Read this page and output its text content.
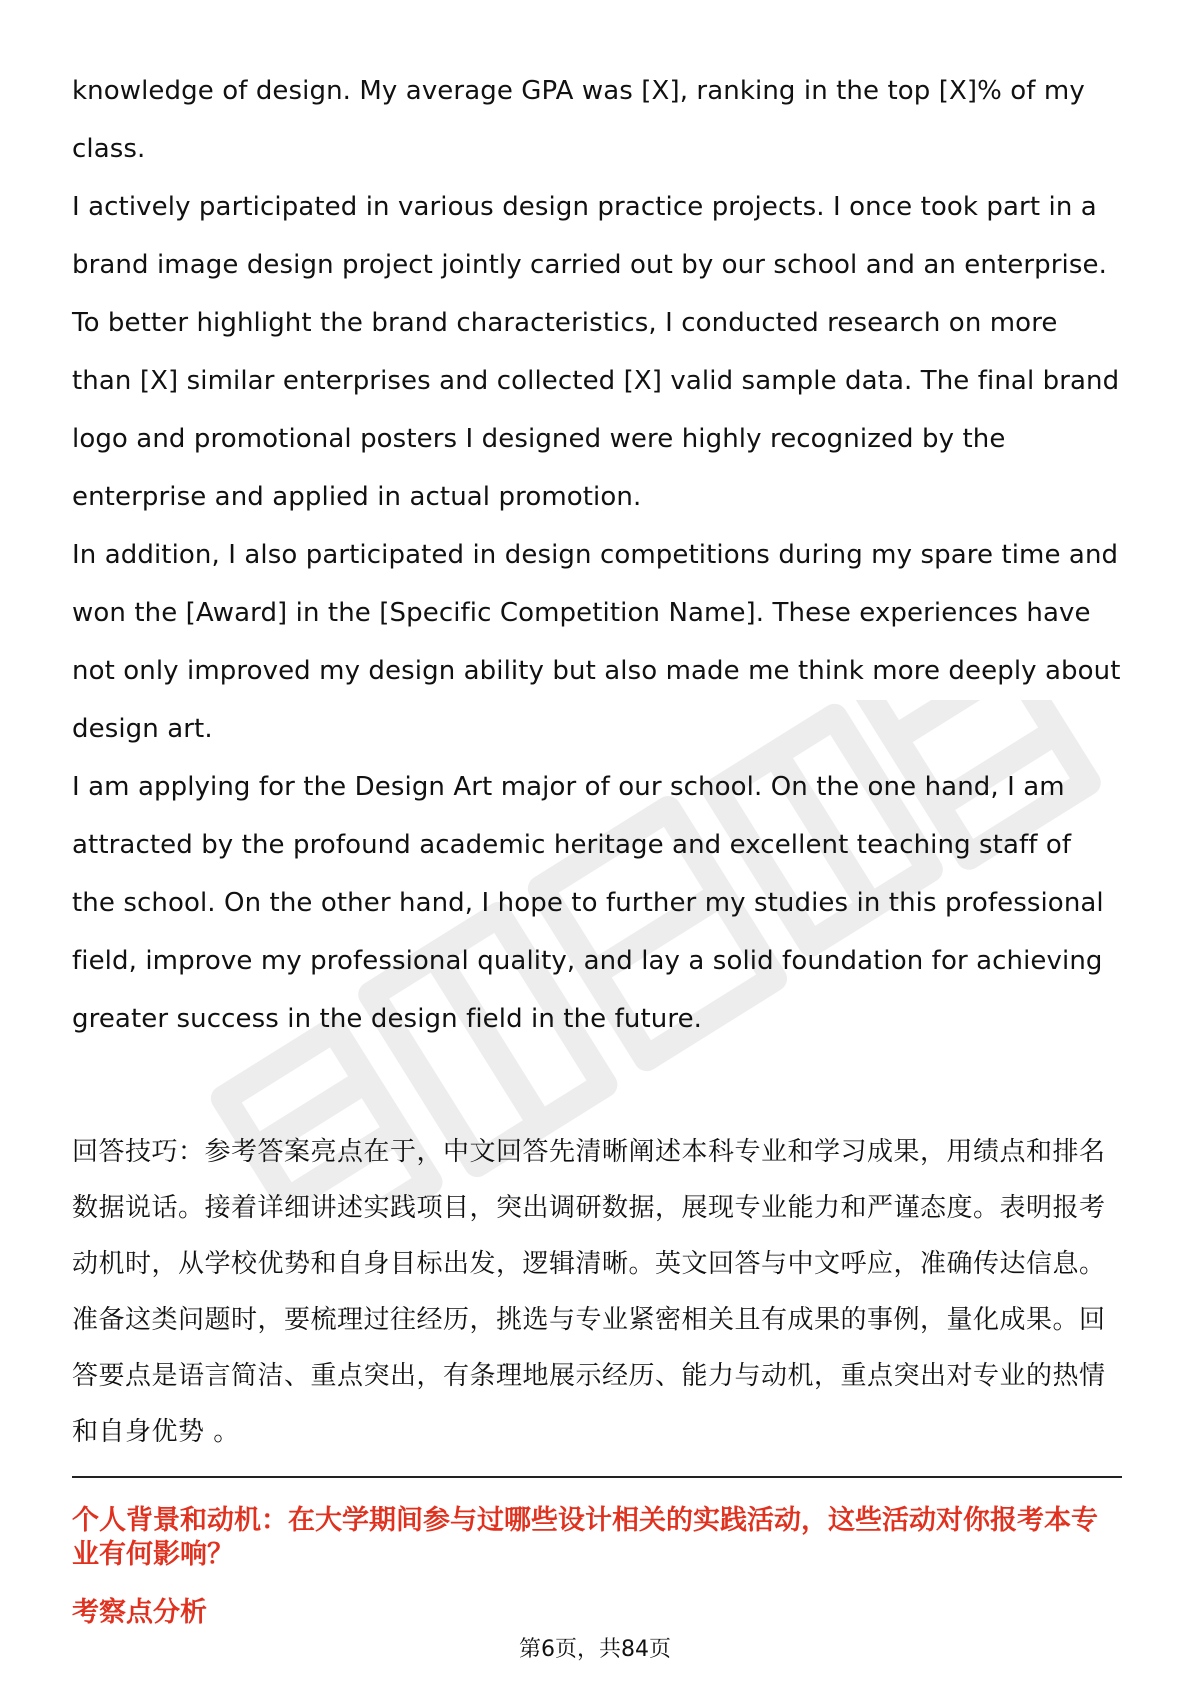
knowledge of design. My average GPA was [X], ranking in the top [X]% of my class.

I actively participated in various design practice projects. I once took part in a brand image design project jointly carried out by our school and an enterprise. To better highlight the brand characteristics, I conducted research on more than [X] similar enterprises and collected [X] valid sample data. The final brand logo and promotional posters I designed were highly recognized by the enterprise and applied in actual promotion.

In addition, I also participated in design competitions during my spare time and won the [Award] in the [Specific Competition Name]. These experiences have not only improved my design ability but also made me think more deeply about design art.

I am applying for the Design Art major of our school. On the one hand, I am attracted by the profound academic heritage and excellent teaching staff of the school. On the other hand, I hope to further my studies in this professional field, improve my professional quality, and lay a solid foundation for achieving greater success in the design field in the future.

回答技巧：参考答案亮点在于，中文回答先清晰阐述本科专业和学习成果，用绩点和排名数据说话。接着详细讲述实践项目，突出调研数据，展现专业能力和严谨态度。表明报考动机时，从学校优势和自身目标出发，逻辑清晰。英文回答与中文呼应，准确传达信息。准备这类问题时，要梳理过往经历，挑选与专业紧密相关且有成果的事例，量化成果。回答要点是语言简洁、重点突出，有条理地展示经历、能力与动机，重点突出对专业的热情和自身优势 。

个人背景和动机：在大学期间参与过哪些设计相关的实践活动，这些活动对你报考本专业有何影响？

考察点分析

第6页，共84页
